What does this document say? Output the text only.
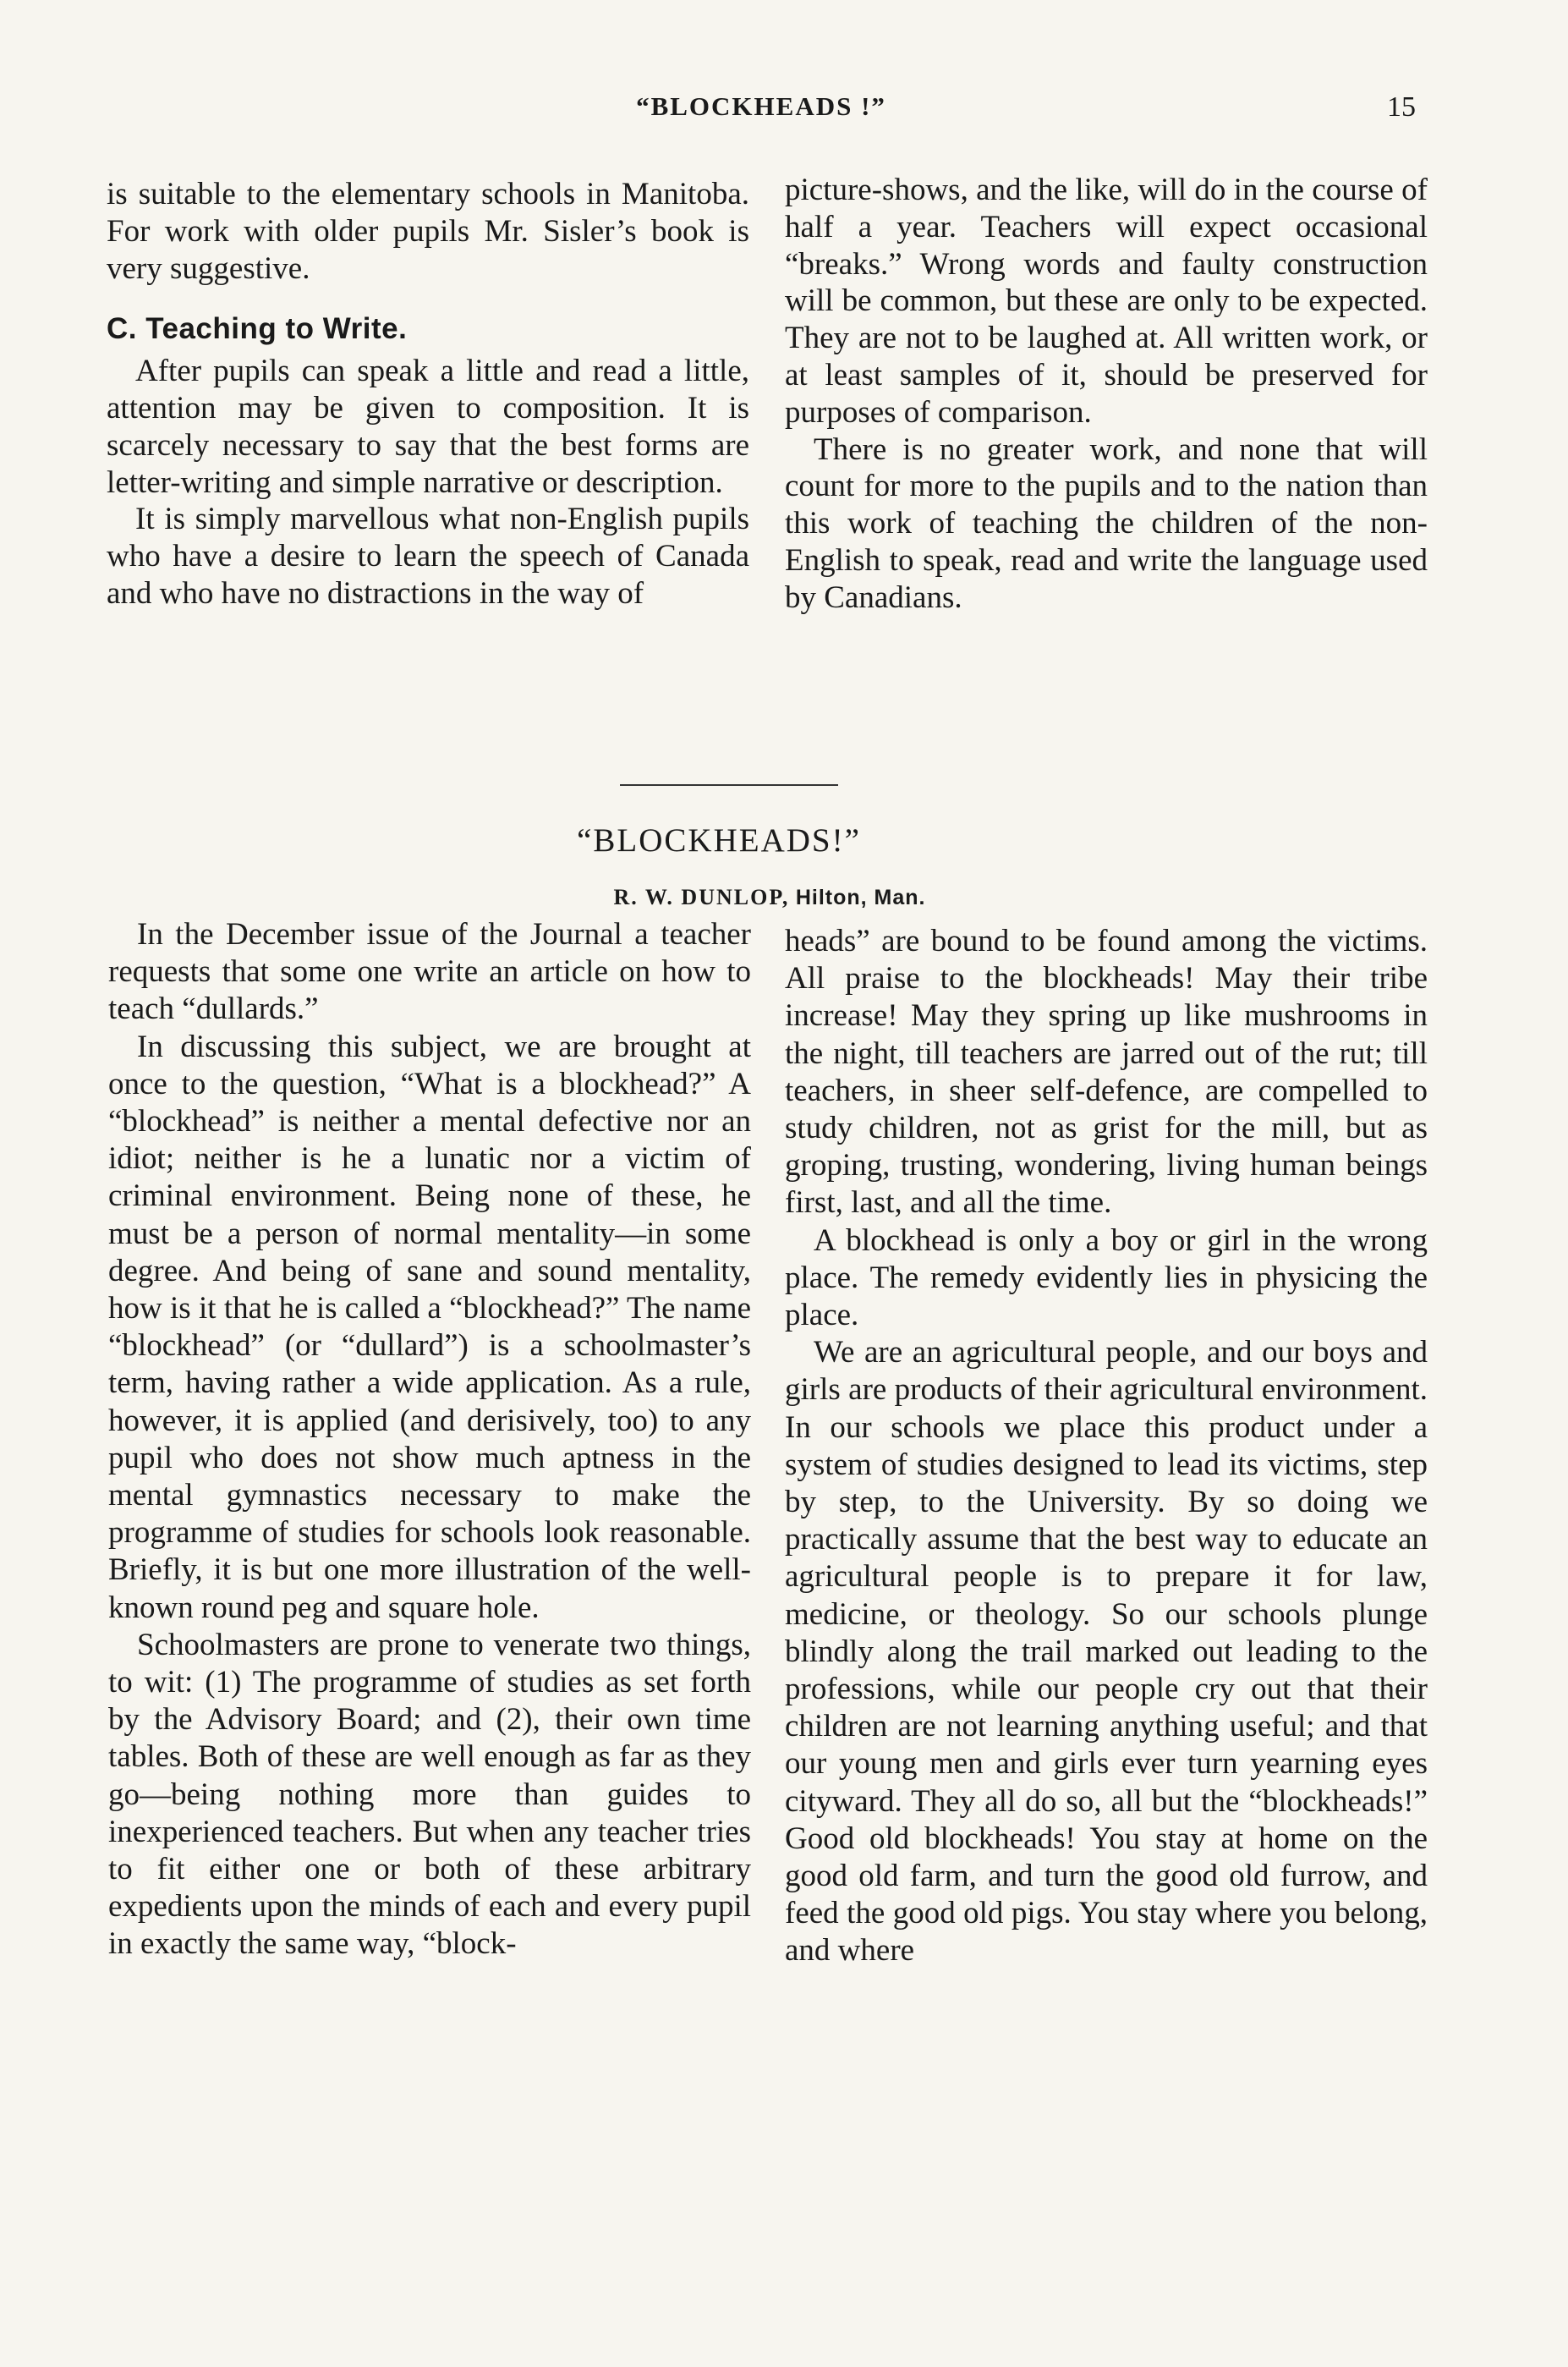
“BLOCKHEADS !”	15

is suitable to the elementary schools in Manitoba. For work with older pupils Mr. Sisler’s book is very suggestive.

C. Teaching to Write.

After pupils can speak a little and read a little, attention may be given to composition. It is scarcely necessary to say that the best forms are letter-writing and simple narrative or description.

It is simply marvellous what non-English pupils who have a desire to learn the speech of Canada and who have no distractions in the way of

picture-shows, and the like, will do in the course of half a year. Teachers will expect occasional “breaks.” Wrong words and faulty construction will be common, but these are only to be expected. They are not to be laughed at. All written work, or at least samples of it, should be preserved for purposes of comparison.

There is no greater work, and none that will count for more to the pupils and to the nation than this work of teaching the children of the non-English to speak, read and write the language used by Canadians.

“BLOCKHEADS!”
R. W. DUNLOP, Hilton, Man.

In the December issue of the Journal a teacher requests that some one write an article on how to teach “dullards.”

In discussing this subject, we are brought at once to the question, “What is a blockhead?” A “blockhead” is neither a mental defective nor an idiot; neither is he a lunatic nor a victim of criminal environment. Being none of these, he must be a person of normal mentality—in some degree. And being of sane and sound mentality, how is it that he is called a “blockhead?” The name “blockhead” (or “dullard”) is a schoolmaster’s term, having rather a wide application. As a rule, however, it is applied (and derisively, too) to any pupil who does not show much aptness in the mental gymnastics necessary to make the programme of studies for schools look reasonable. Briefly, it is but one more illustration of the well-known round peg and square hole.

Schoolmasters are prone to venerate two things, to wit: (1) The programme of studies as set forth by the Advisory Board; and (2), their own time tables. Both of these are well enough as far as they go—being nothing more than guides to inexperienced teachers. But when any teacher tries to fit either one or both of these arbitrary expedients upon the minds of each and every pupil in exactly the same way, “block-

heads” are bound to be found among the victims. All praise to the blockheads! May their tribe increase! May they spring up like mushrooms in the night, till teachers are jarred out of the rut; till teachers, in sheer self-defence, are compelled to study children, not as grist for the mill, but as groping, trusting, wondering, living human beings first, last, and all the time.

A blockhead is only a boy or girl in the wrong place. The remedy evidently lies in physicing the place.

We are an agricultural people, and our boys and girls are products of their agricultural environment. In our schools we place this product under a system of studies designed to lead its victims, step by step, to the University. By so doing we practically assume that the best way to educate an agricultural people is to prepare it for law, medicine, or theology. So our schools plunge blindly along the trail marked out leading to the professions, while our people cry out that their children are not learning anything useful; and that our young men and girls ever turn yearning eyes cityward. They all do so, all but the “blockheads!” Good old blockheads! You stay at home on the good old farm, and turn the good old furrow, and feed the good old pigs. You stay where you belong, and where
